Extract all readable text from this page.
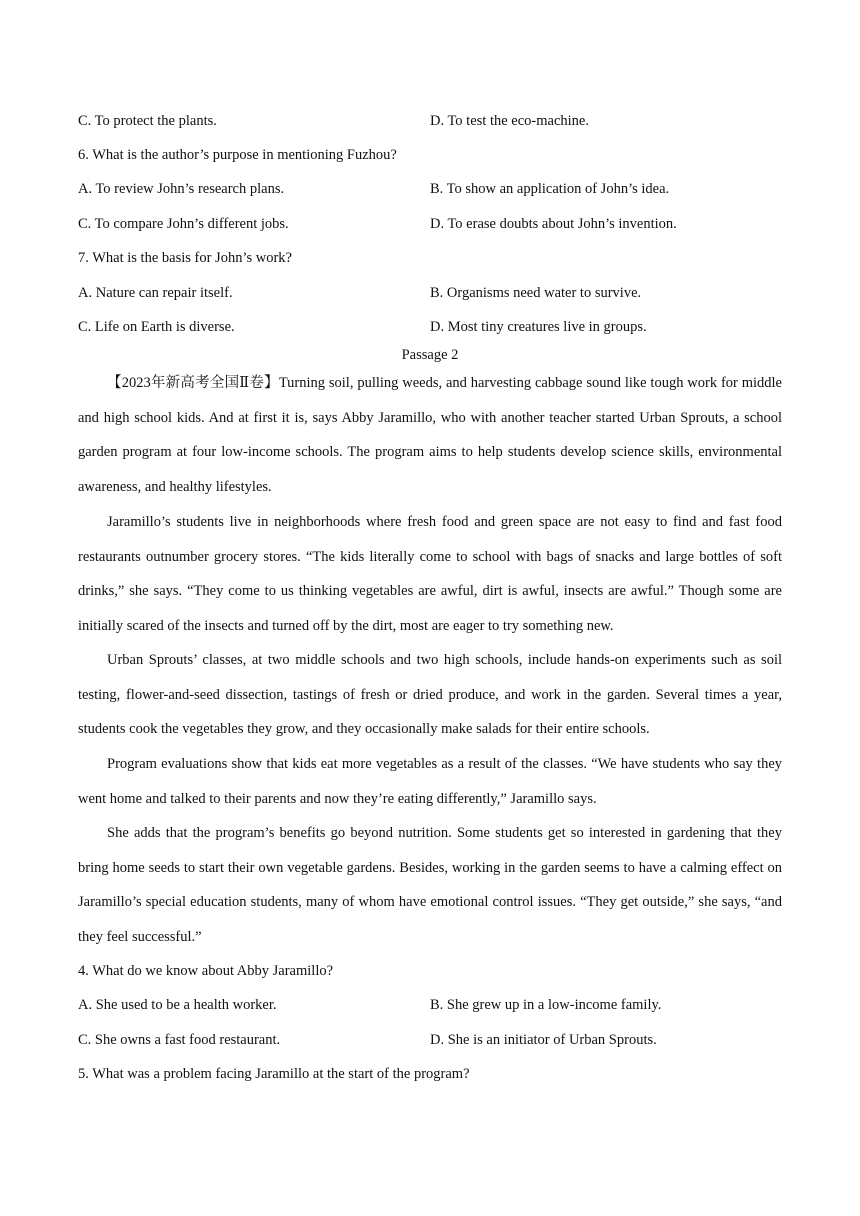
C. To protect the plants.	D. To test the eco-machine.
6. What is the author’s purpose in mentioning Fuzhou?
A. To review John’s research plans.	B. To show an application of John’s idea.
C. To compare John’s different jobs.	D. To erase doubts about John’s invention.
7. What is the basis for John’s work?
A. Nature can repair itself.	B. Organisms need water to survive.
C. Life on Earth is diverse.	D. Most tiny creatures live in groups.
Passage 2
【2023年新高考全国Ⅱ卷】Turning soil, pulling weeds, and harvesting cabbage sound like tough work for middle and high school kids. And at first it is, says Abby Jaramillo, who with another teacher started Urban Sprouts, a school garden program at four low-income schools. The program aims to help students develop science skills, environmental awareness, and healthy lifestyles.
Jaramillo’s students live in neighborhoods where fresh food and green space are not easy to find and fast food restaurants outnumber grocery stores. “The kids literally come to school with bags of snacks and large bottles of soft drinks,” she says. “They come to us thinking vegetables are awful, dirt is awful, insects are awful.” Though some are initially scared of the insects and turned off by the dirt, most are eager to try something new.
Urban Sprouts’ classes, at two middle schools and two high schools, include hands-on experiments such as soil testing, flower-and-seed dissection, tastings of fresh or dried produce, and work in the garden. Several times a year, students cook the vegetables they grow, and they occasionally make salads for their entire schools.
Program evaluations show that kids eat more vegetables as a result of the classes. “We have students who say they went home and talked to their parents and now they’re eating differently,” Jaramillo says.
She adds that the program’s benefits go beyond nutrition. Some students get so interested in gardening that they bring home seeds to start their own vegetable gardens. Besides, working in the garden seems to have a calming effect on Jaramillo’s special education students, many of whom have emotional control issues. “They get outside,” she says, “and they feel successful.”
4. What do we know about Abby Jaramillo?
A. She used to be a health worker.	B. She grew up in a low-income family.
C. She owns a fast food restaurant.	D. She is an initiator of Urban Sprouts.
5. What was a problem facing Jaramillo at the start of the program?
